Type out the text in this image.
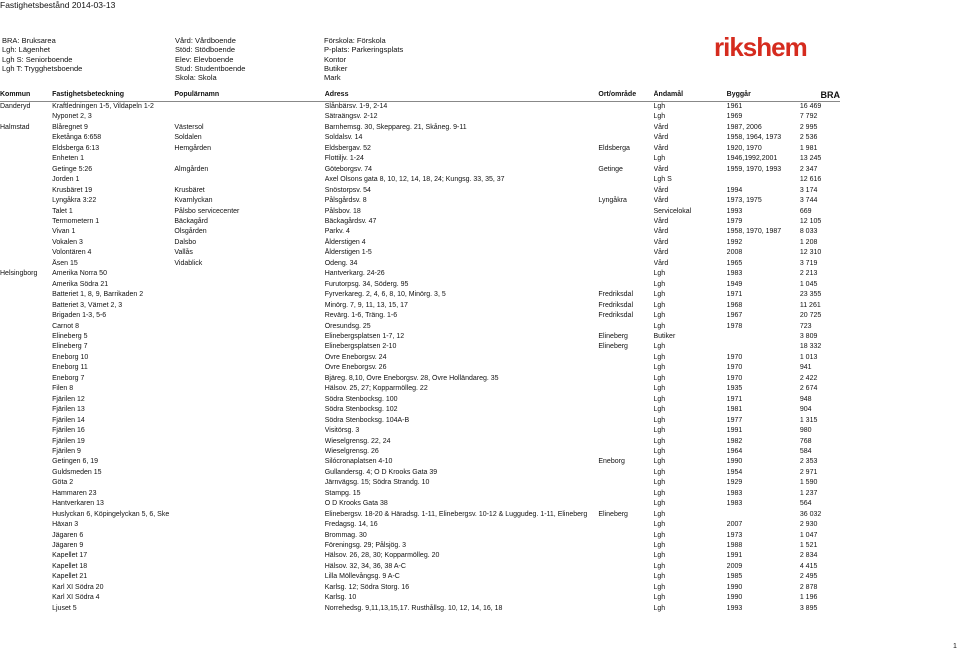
Fastighetsbestånd 2014-03-13
BRA: Bruksarea
Lgh: Lägenhet
Lgh S: Seniorboende
Lgh T: Trygghetsboende
Vård: Vårdboende
Stöd: Stödboende
Elev: Elevboende
Stud: Studentboende
Skola: Skola
Förskola: Förskola
P-plats: Parkeringsplats
Kontor
Butiker
Mark
rikshem
Kommun	Fastighetsbeteckning	Populärnamn	Adress	Ort/område	Ändamål	Byggår	BRA
Danderyd	Kraftledningen 1-5, Vildapeln 1-2		Slånbärsv. 1-9, 2-14		Lgh	1961	16 469
	Nyponet 2, 3		Sätraängsv. 2-12		Lgh	1969	7 792
Halmstad	Blåregnet 9	Västersol	Barnhemsg. 30, Skeppareg. 21, Skåneg. 9-11		Vård	1987, 2006	2 995
	Eketånga 6:658	Soldalen	Soldalsv. 14		Vård	1958, 1964, 1973	2 536
	Eldsberga 6:13	Hemgården	Eldsbergav. 52	Eldsberga	Vård	1920, 1970	1 981
	Enheten 1		Flottiljv. 1-24		Lgh	1946,1992,2001	13 245
	Getinge 5:26	Almgården	Göteborgsv. 74	Getinge	Vård	1959, 1970, 1993	2 347
	Jorden 1		Axel Olsons gata 8, 10, 12, 14, 18, 24; Kungsg. 33, 35, 37		Lgh S		12 616
	Krusbäret 19	Krusbäret	Snöstorpsv. 54		Vård	1994	3 174
	Lyngåkra 3:22	Kvarnlyckan	Pålsgårdsv. 8	Lyngåkra	Vård	1973, 1975	3 744
	Talet 1	Pålsbo servicecenter	Pålsbov. 18		Servicelokal	1993	669
	Termometern 1	Bäckagård	Bäckagårdsv. 47		Vård	1979	12 105
	Vivan 1	Olsgården	Parkv. 4		Vård	1958, 1970, 1987	8 033
	Vokalen 3	Dalsbo	Ålderstigen 4		Vård	1992	1 208
	Volontären 4	Vallås	Ålderstigen 1-5		Vård	2008	12 310
	Åsen 15	Vidablick	Odeng. 34		Vård	1965	3 719
Helsingborg	Amerika Norra 50		Hantverkarg. 24-26		Lgh	1983	2 213
	Amerika Södra 21		Furutorpsg. 34, Söderg. 95		Lgh	1949	1 045
	Batteriet 1, 8, 9, Barrikaden 2		Fyrverkareg. 2, 4, 6, 8, 10, Minörg. 3, 5	Fredriksdal	Lgh	1971	23 355
	Batteriet 3, Värnet 2, 3		Minörg. 7, 9, 11, 13, 15, 17	Fredriksdal	Lgh	1968	11 261
	Brigaden 1-3, 5-6		Revärg. 1-6, Träng. 1-6	Fredriksdal	Lgh	1967	20 725
	Carnot 8		Öresundsg. 25		Lgh	1978	723
	Elineberg 5		Elinebergsplatsen 1-7, 12	Elineberg	Butiker		3 809
	Elineberg 7		Elinebergsplatsen 2-10	Elineberg	Lgh		18 332
	Eneborg 10		Övre Eneborgsv. 24		Lgh	1970	1 013
	Eneborg 11		Övre Eneborgsv. 26		Lgh	1970	941
	Eneborg 7		Bjäreg. 8,10, Övre Eneborgsv. 28, Övre Holländareg. 35		Lgh	1970	2 422
	Filen 8		Hälsov. 25, 27; Kopparmölleg. 22		Lgh	1935	2 674
	Fjärilen 12		Södra Stenbocksg. 100		Lgh	1971	948
	Fjärilen 13		Södra Stenbocksg. 102		Lgh	1981	904
	Fjärilen 14		Södra Stenbocksg. 104A-B		Lgh	1977	1 315
	Fjärilen 16		Visitörsg. 3		Lgh	1991	980
	Fjärilen 19		Wieselgrensg. 22, 24		Lgh	1982	768
	Fjärilen 9		Wieselgrensg. 26		Lgh	1964	584
	Getingen 6, 19		Silócronaplatsen 4-10	Eneborg	Lgh	1990	2 353
	Guldsmeden 15		Gullandersg. 4; O D Krooks Gata 39		Lgh	1954	2 971
	Göta 2		Järnvägsg. 15; Södra Strandg. 10		Lgh	1929	1 590
	Hammaren 23		Stampg. 15		Lgh	1983	1 237
	Hantverkaren 13		O D Krooks Gata 38		Lgh	1983	564
	Huslyckan 6, Köpingelyckan 5, 6, Ske		Elinebergsv. 18-20 & Häradsg. 1-11, Elinebergsv. 10-12 & Luggudeg. 1-11, Elineberg	Elineberg	Lgh		36 032
	Häxan 3		Fredagsg. 14, 16		Lgh	2007	2 930
	Jägaren 6		Brommag. 30		Lgh	1973	1 047
	Jägaren 9		Föreningsg. 29; Pålsjög. 3		Lgh	1988	1 521
	Kapellet 17		Hälsov. 26, 28, 30; Kopparmölleg. 20		Lgh	1991	2 834
	Kapellet 18		Hälsov. 32, 34, 36, 38 A-C		Lgh	2009	4 415
	Kapellet 21		Lilla Möllevångsg. 9 A-C		Lgh	1985	2 495
	Karl XI Södra 20		Karlsg. 12; Södra Storg. 16		Lgh	1990	2 878
	Karl XI Södra 4		Karlsg. 10		Lgh	1990	1 196
	Ljuset 5		Norrehedsg. 9,11,13,15,17. Rusthållsg. 10, 12, 14, 16, 18		Lgh	1993	3 895
1
